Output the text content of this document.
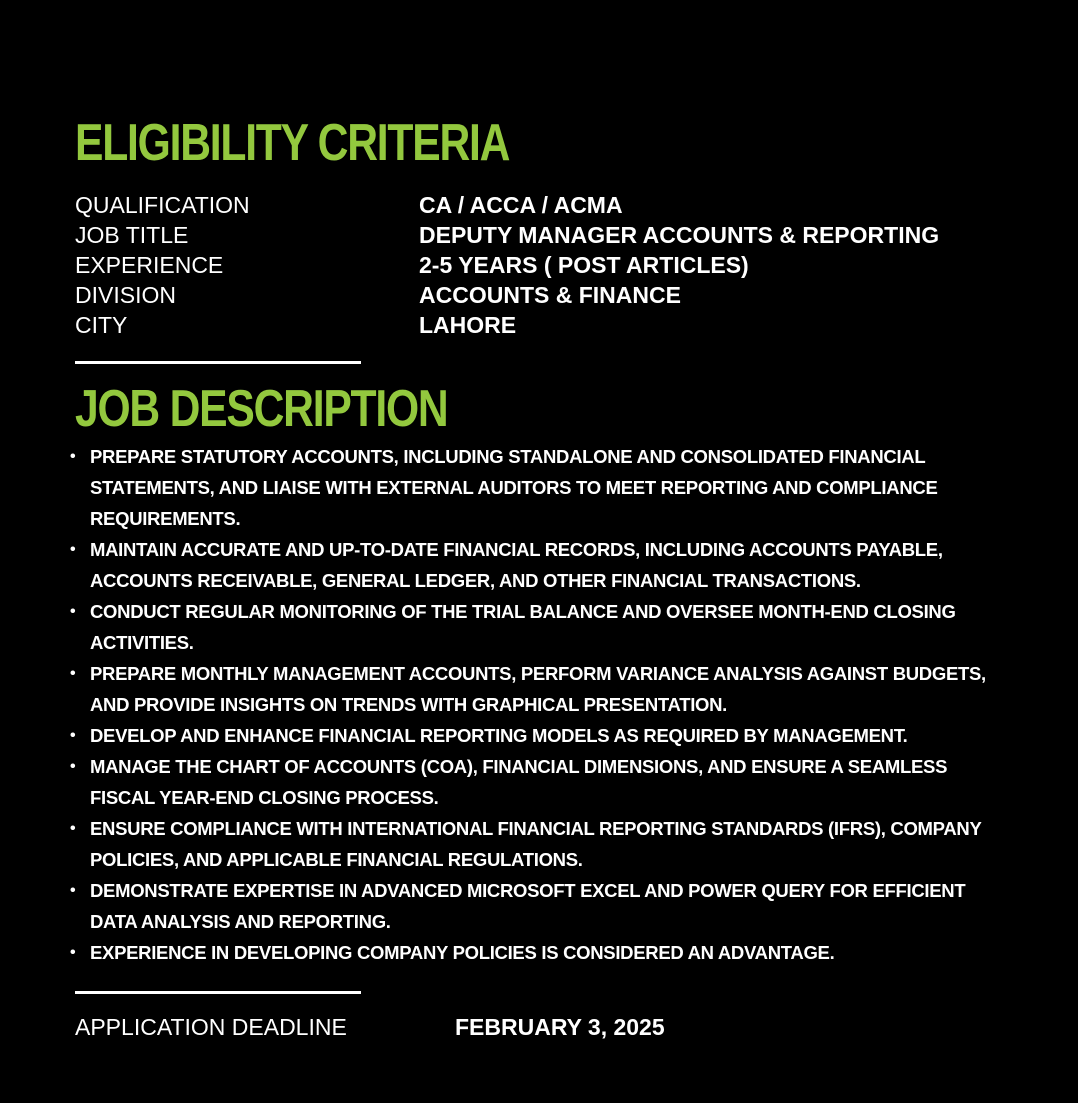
ELIGIBILITY CRITERIA
QUALIFICATION	CA / ACCA / ACMA
JOB TITLE	DEPUTY MANAGER ACCOUNTS & REPORTING
EXPERIENCE	2-5 YEARS ( POST ARTICLES)
DIVISION	ACCOUNTS & FINANCE
CITY	LAHORE
JOB DESCRIPTION
• PREPARE STATUTORY ACCOUNTS, INCLUDING STANDALONE AND CONSOLIDATED FINANCIAL
STATEMENTS, AND LIAISE WITH EXTERNAL AUDITORS TO MEET REPORTING AND COMPLIANCE
REQUIREMENTS.
• MAINTAIN ACCURATE AND UP-TO-DATE FINANCIAL RECORDS, INCLUDING ACCOUNTS PAYABLE,
ACCOUNTS RECEIVABLE, GENERAL LEDGER, AND OTHER FINANCIAL TRANSACTIONS.
• CONDUCT REGULAR MONITORING OF THE TRIAL BALANCE AND OVERSEE MONTH-END CLOSING
ACTIVITIES.
• PREPARE MONTHLY MANAGEMENT ACCOUNTS, PERFORM VARIANCE ANALYSIS AGAINST BUDGETS,
AND PROVIDE INSIGHTS ON TRENDS WITH GRAPHICAL PRESENTATION.
• DEVELOP AND ENHANCE FINANCIAL REPORTING MODELS AS REQUIRED BY MANAGEMENT.
• MANAGE THE CHART OF ACCOUNTS (COA), FINANCIAL DIMENSIONS, AND ENSURE A SEAMLESS
FISCAL YEAR-END CLOSING PROCESS.
• ENSURE COMPLIANCE WITH INTERNATIONAL FINANCIAL REPORTING STANDARDS (IFRS), COMPANY
POLICIES, AND APPLICABLE FINANCIAL REGULATIONS.
• DEMONSTRATE EXPERTISE IN ADVANCED MICROSOFT EXCEL AND POWER QUERY FOR EFFICIENT
DATA ANALYSIS AND REPORTING.
• EXPERIENCE IN DEVELOPING COMPANY POLICIES IS CONSIDERED AN ADVANTAGE.
APPLICATION DEADLINE	FEBRUARY 3, 2025
